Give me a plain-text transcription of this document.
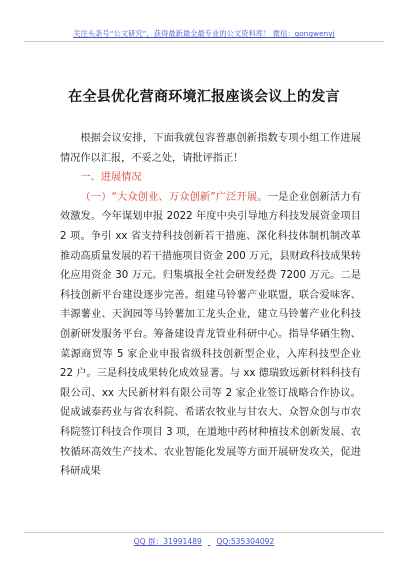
关注头条号“公文研究”，获得最新最全最专业的公文资料库！ 微信：gongwenyj
在全县优化营商环境汇报座谈会议上的发言

根据会议安排，下面我就包容普惠创新指数专项小组工作进展情况作以汇报，不妥之处，请批评指正！

一、进展情况

（一）“大众创业、万众创新”广泛开展。一是企业创新活力有效激发。今年谋划申报 2022 年度中央引导地方科技发展资金项目 2 项。争引 xx 省支持科技创新若干措施、深化科技体制机制改革推动高质量发展的若干措施项目资金 200 万元，县财政科技成果转化应用资金 30 万元。归集填报全社会研发经费 7200 万元。二是科技创新平台建设逐步完善。组建马铃薯产业联盟，联合爱味客、丰源薯业、天润园等马铃薯加工龙头企业，建立马铃薯产业化科技创新研发服务平台。筹备建设青龙管业科研中心。指导华硒生物、菜源商贸等 5 家企业申报省级科技创新型企业，入库科技型企业 22 户。三是科技成果转化成效显著。与 xx 德瑞致远新材料科技有限公司、xx 大民新材料有限公司等 2 家企业签订战略合作协议。促成诚泰药业与省农科院、希诺农牧业与甘农大、众智众创与市农科院签订科技合作项目 3 项，在道地中药材种植技术创新发展、农牧循环高效生产技术、农业智能化发展等方面开展研发攻关，促进科研成果

QQ 群：31991489 QQ:535304092
